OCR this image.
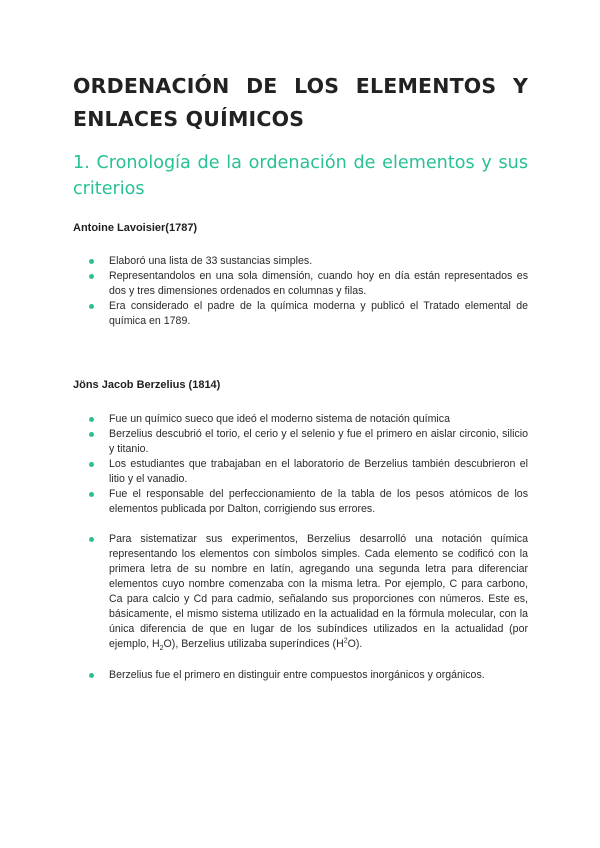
ORDENACIÓN DE LOS ELEMENTOS Y ENLACES QUÍMICOS
1. Cronología de la ordenación de elementos y sus criterios

Antoine Lavoisier(1787)

Elaboró una lista de 33 sustancias simples.
Representandolos en una sola dimensión, cuando hoy en día están representados es dos y tres dimensiones ordenados en columnas y filas.
Era considerado el padre de la química moderna y publicó el Tratado elemental de química en 1789.

Jöns Jacob Berzelius (1814)

Fue un químico sueco que ideó el moderno sistema de notación química
Berzelius descubrió el torio, el cerio y el selenio y fue el primero en aislar circonio, silicio y titanio.
Los estudiantes que trabajaban en el laboratorio de Berzelius también descubrieron el litio y el vanadio.
Fue el responsable del perfeccionamiento de la tabla de los pesos atómicos de los elementos publicada por Dalton, corrigiendo sus errores.
Para sistematizar sus experimentos, Berzelius desarrolló una notación química representando los elementos con símbolos simples. Cada elemento se codificó con la primera letra de su nombre en latín, agregando una segunda letra para diferenciar elementos cuyo nombre comenzaba con la misma letra. Por ejemplo, C para carbono, Ca para calcio y Cd para cadmio, señalando sus proporciones con números. Este es, básicamente, el mismo sistema utilizado en la actualidad en la fórmula molecular, con la única diferencia de que en lugar de los subíndices utilizados en la actualidad (por ejemplo, $H_2O$), Berzelius utilizaba superíndices $(H^2O)$.
Berzelius fue el primero en distinguir entre compuestos inorgánicos y orgánicos.
